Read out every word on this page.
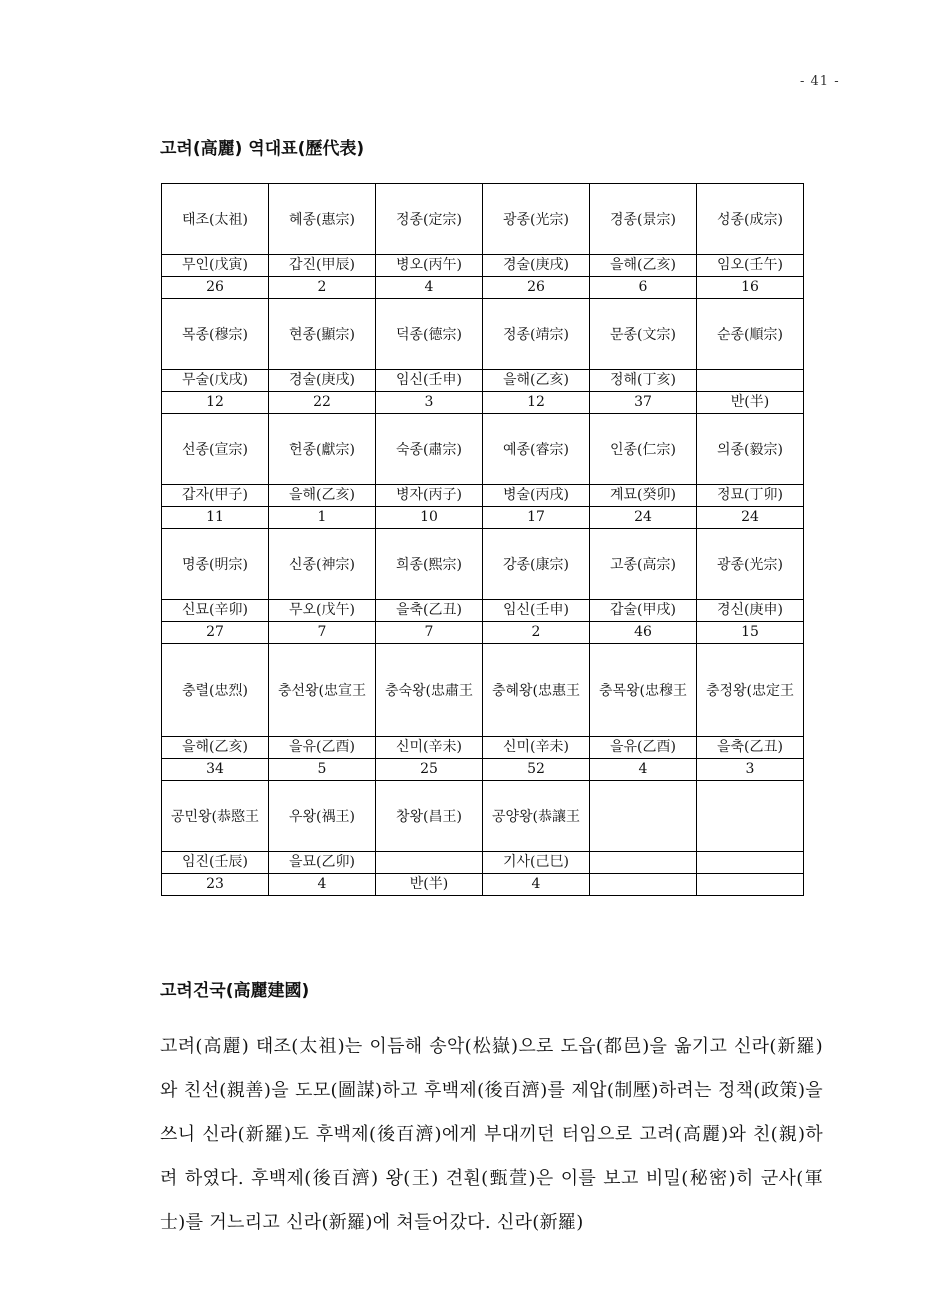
- 41 -
고려(高麗) 역대표(歷代表)
태조(太祖)	혜종(惠宗)	정종(定宗)	광종(光宗)	경종(景宗)	성종(成宗)
무인(戊寅)	갑진(甲辰)	병오(丙午)	경술(庚戌)	을해(乙亥)	임오(壬午)
26	2	4	26	6	16
목종(穆宗)	현종(顯宗)	덕종(德宗)	정종(靖宗)	문종(文宗)	순종(順宗)
무술(戊戌)	경술(庚戌)	임신(壬申)	을해(乙亥)	정해(丁亥)	
12	22	3	12	37	반(半)
선종(宣宗)	헌종(獻宗)	숙종(肅宗)	예종(睿宗)	인종(仁宗)	의종(毅宗)
갑자(甲子)	을해(乙亥)	병자(丙子)	병술(丙戌)	계묘(癸卯)	정묘(丁卯)
11	1	10	17	24	24
명종(明宗)	신종(神宗)	희종(熙宗)	강종(康宗)	고종(高宗)	광종(光宗)
신묘(辛卯)	무오(戊午)	을축(乙丑)	임신(壬申)	갑술(甲戌)	경신(庚申)
27	7	7	2	46	15
충렬(忠烈)	충선왕(忠宣王	충숙왕(忠肅王	충혜왕(忠惠王	충목왕(忠穆王	충정왕(忠定王
을해(乙亥)	을유(乙酉)	신미(辛未)	신미(辛未)	을유(乙酉)	을축(乙丑)
34	5	25	52	4	3
공민왕(恭愍王	우왕(禑王)	창왕(昌王)	공양왕(恭讓王		
임진(壬辰)	을묘(乙卯)		기사(己巳)		
23	4	반(半)	4		
고려건국(高麗建國)
고려(高麗) 태조(太祖)는 이듬해 송악(松嶽)으로 도읍(都邑)을 옮기고 신라(新羅)와 친선(親善)을 도모(圖謀)하고 후백제(後百濟)를 제압(制壓)하려는 정책(政策)을 쓰니 신라(新羅)도 후백제(後百濟)에게 부대끼던 터임으로 고려(高麗)와 친(親)하려 하였다. 후백제(後百濟) 왕(王) 견훤(甄萱)은 이를 보고 비밀(秘密)히 군사(軍士)를 거느리고 신라(新羅)에 쳐들어갔다. 신라(新羅)
